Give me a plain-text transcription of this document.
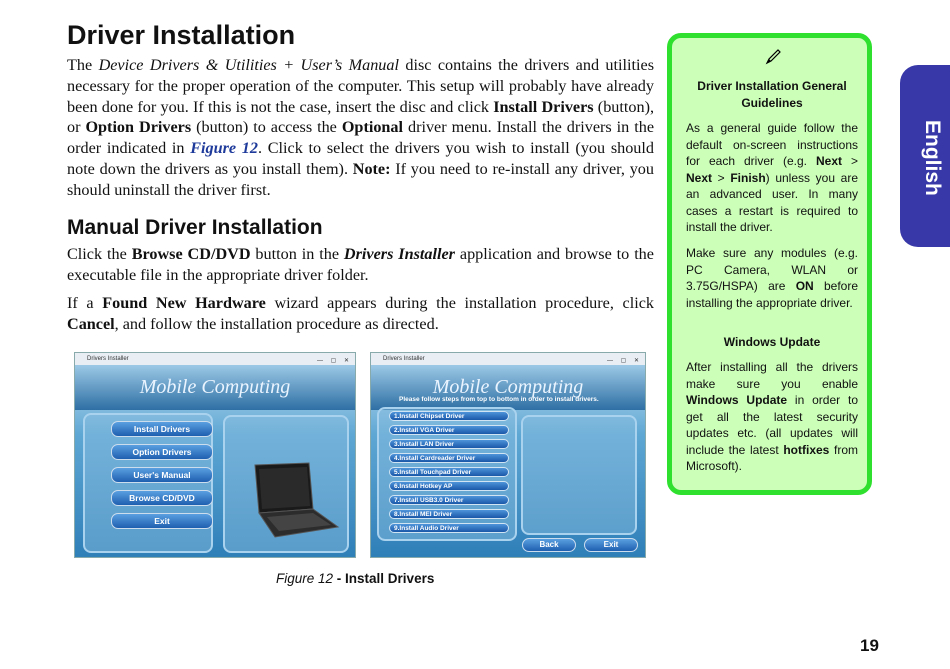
Driver Installation
The Device Drivers & Utilities + User’s Manual disc contains the drivers and utilities necessary for the proper operation of the computer. This setup will probably have already been done for you. If this is not the case, insert the disc and click Install Drivers (button), or Option Drivers (button) to access the Optional driver menu. Install the drivers in the order indicated in Figure 12. Click to select the drivers you wish to install (you should note down the drivers as you install them). Note: If you need to re-install any driver, you should uninstall the driver first.
Manual Driver Installation
Click the Browse CD/DVD button in the Drivers Installer application and browse to the executable file in the appropriate driver folder.
If a Found New Hardware wizard appears during the installation procedure, click Cancel, and follow the installation procedure as directed.
Drivers Installer	— ▢ ✕
Mobile Computing
Install Drivers
Option Drivers
User's Manual
Browse CD/DVD
Exit
Drivers Installer	— ▢ ✕
Mobile Computing
Please follow steps from top to bottom in order to install drivers.
1.Install Chipset Driver
2.Install VGA Driver
3.Install LAN Driver
4.Install Cardreader Driver
5.Install Touchpad Driver
6.Install Hotkey AP
7.Install USB3.0 Driver
8.Install MEI Driver
9.Install Audio Driver
Back	Exit
Figure 12 - Install Drivers
Driver Installation General Guidelines
As a general guide follow the default on-screen instructions for each driver (e.g. Next > Next > Finish) unless you are an advanced user. In many cases a restart is required to install the driver.
Make sure any modules (e.g. PC Camera, WLAN or 3.75G/HSPA) are ON before installing the appropriate driver.
Windows Update
After installing all the drivers make sure you enable Windows Update in order to get all the latest security updates etc. (all updates will include the latest hotfixes from Microsoft).
English
19
